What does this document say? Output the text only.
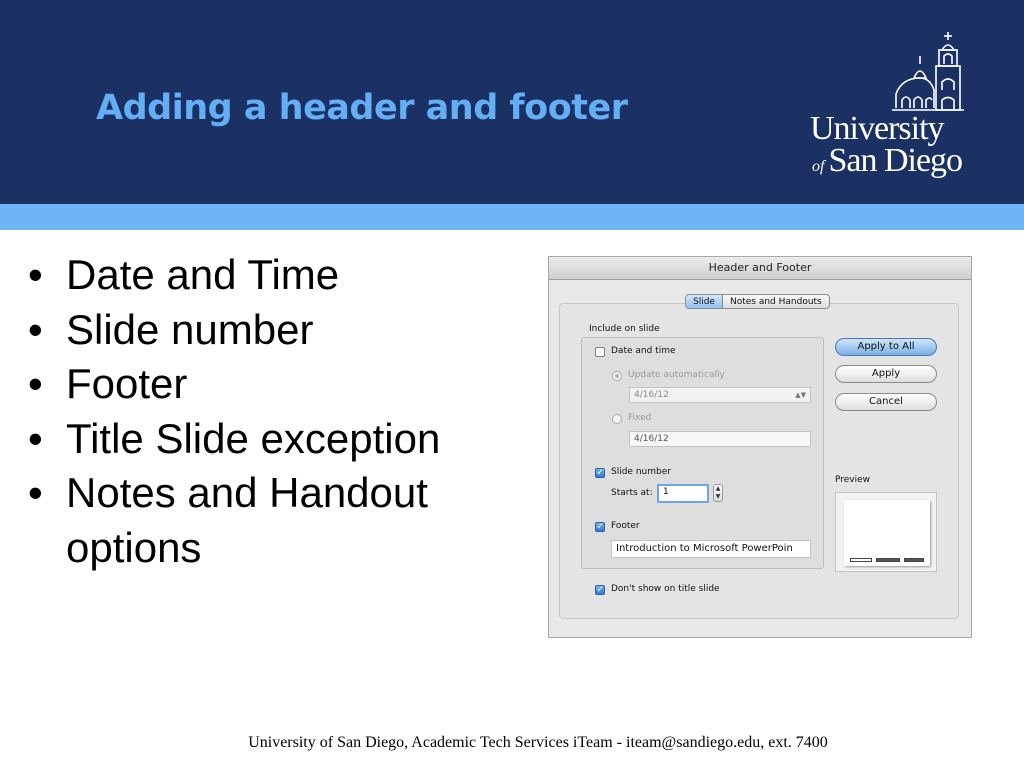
Adding a header and footer
University
of San Diego
• Date and Time
• Slide number
• Footer
• Title Slide exception
• Notes and Handout options
Header and Footer
Slide	Notes and Handouts
Include on slide
Date and time
Update automatically
4/16/12	▲▼
Fixed
4/16/12
✓ Slide number
Starts at:	1	▲
▼
✓ Footer
Introduction to Microsoft PowerPoin
✓ Don't show on title slide
Apply to All
Apply
Cancel
Preview
University of San Diego, Academic Tech Services iTeam - iteam@sandiego.edu, ext. 7400
